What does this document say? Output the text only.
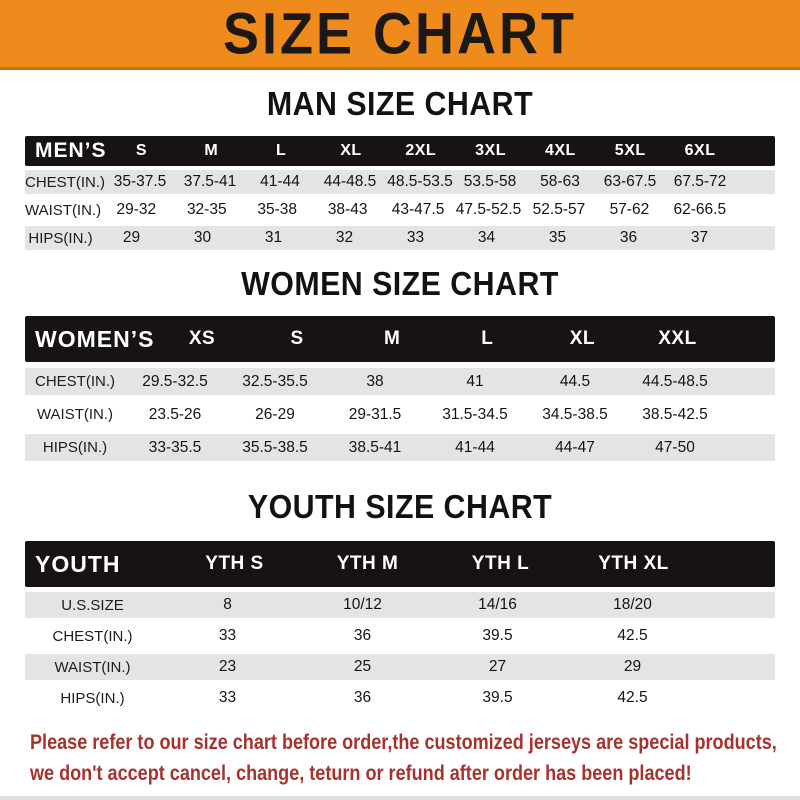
SIZE CHART
MAN SIZE CHART
MEN’S	S	M	L	XL	2XL	3XL	4XL	5XL	6XL
CHEST(IN.) 35-37.5	37.5-41	41-44	44-48.5 48.5-53.5 53.5-58	58-63	63-67.5	67.5-72
WAIST(IN.) 29-32	32-35	35-38	38-43	43-47.5 47.5-52.5 52.5-57	57-62	62-66.5
HIPS(IN.)	29	30	31	32	33	34	35	36	37
WOMEN SIZE CHART
WOMEN’S	XS	S	M	L	XL	XXL
CHEST(IN.)	29.5-32.5	32.5-35.5	38	41	44.5	44.5-48.5
WAIST(IN.)	23.5-26	26-29	29-31.5	31.5-34.5	34.5-38.5	38.5-42.5
HIPS(IN.)	33-35.5	35.5-38.5	38.5-41	41-44	44-47	47-50
YOUTH SIZE CHART
YOUTH	YTH S	YTH M	YTH L	YTH XL
U.S.SIZE	8	10/12	14/16	18/20
CHEST(IN.)	33	36	39.5	42.5
WAIST(IN.)	23	25	27	29
HIPS(IN.)	33	36	39.5	42.5

Please refer to our size chart before order,the customized jerseys are special products,

we don't accept cancel, change, teturn or refund after order has been placed!
